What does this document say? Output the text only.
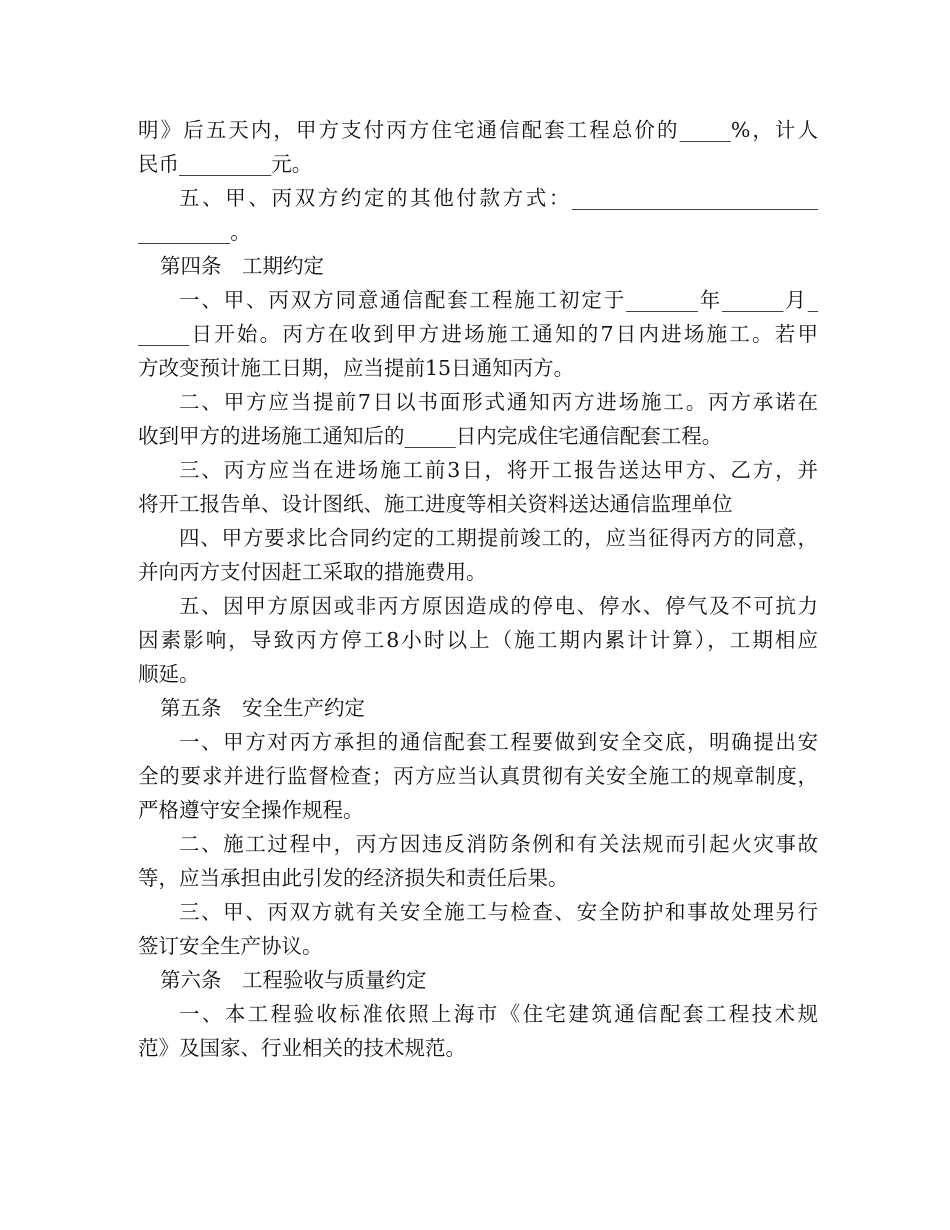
明》后五天内，甲方支付丙方住宅通信配套工程总价的_____%，计人
民币_________元。
五、甲、丙双方约定的其他付款方式：________________________
_________。
第四条　工期约定
一、甲、丙双方同意通信配套工程施工初定于_______年______月_
_____日开始。丙方在收到甲方进场施工通知的7日内进场施工。若甲
方改变预计施工日期，应当提前15日通知丙方。
二、甲方应当提前7日以书面形式通知丙方进场施工。丙方承诺在
收到甲方的进场施工通知后的_____日内完成住宅通信配套工程。
三、丙方应当在进场施工前3日，将开工报告送达甲方、乙方，并
将开工报告单、设计图纸、施工进度等相关资料送达通信监理单位
四、甲方要求比合同约定的工期提前竣工的，应当征得丙方的同意，
并向丙方支付因赶工采取的措施费用。
五、因甲方原因或非丙方原因造成的停电、停水、停气及不可抗力
因素影响，导致丙方停工8小时以上（施工期内累计计算），工期相应
顺延。
第五条　安全生产约定
一、甲方对丙方承担的通信配套工程要做到安全交底，明确提出安
全的要求并进行监督检查；丙方应当认真贯彻有关安全施工的规章制度，
严格遵守安全操作规程。
二、施工过程中，丙方因违反消防条例和有关法规而引起火灾事故
等，应当承担由此引发的经济损失和责任后果。
三、甲、丙双方就有关安全施工与检查、安全防护和事故处理另行
签订安全生产协议。
第六条　工程验收与质量约定
一、本工程验收标准依照上海市《住宅建筑通信配套工程技术规
范》及国家、行业相关的技术规范。
